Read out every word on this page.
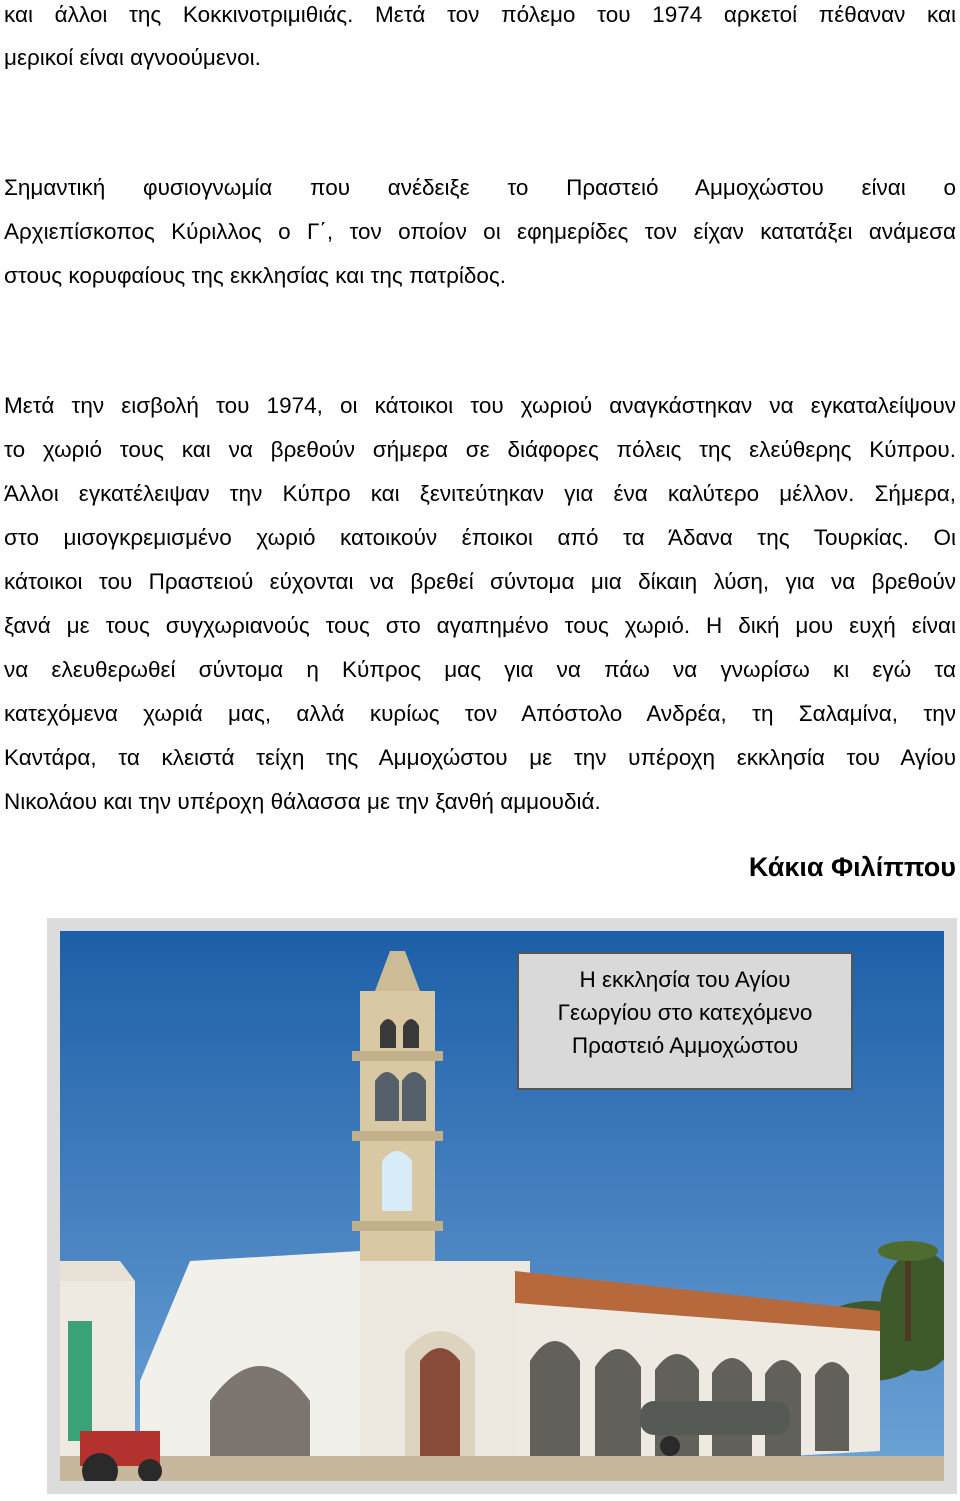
και άλλοι της Κοκκινοτριμιθιάς. Μετά τον πόλεμο του 1974 αρκετοί πέθαναν και
μερικοί είναι αγνοούμενοι.
Σημαντική φυσιογνωμία που ανέδειξε το Πραστειό Αμμοχώστου είναι ο
Αρχιεπίσκοπος Κύριλλος ο Γ΄, τον οποίον οι εφημερίδες τον είχαν κατατάξει ανάμεσα
στους κορυφαίους της εκκλησίας και της πατρίδος.
Μετά την εισβολή του 1974, οι κάτοικοι του χωριού αναγκάστηκαν να εγκαταλείψουν
το χωριό τους και να βρεθούν σήμερα σε διάφορες πόλεις της ελεύθερης Κύπρου.
Άλλοι εγκατέλειψαν την Κύπρο και ξενιτεύτηκαν για ένα καλύτερο μέλλον. Σήμερα,
στο μισογκρεμισμένο χωριό κατοικούν έποικοι από τα Άδανα της Τουρκίας. Οι
κάτοικοι του Πραστειού εύχονται να βρεθεί σύντομα μια δίκαιη λύση, για να βρεθούν
ξανά με τους συγχωριανούς τους στο αγαπημένο τους χωριό. Η δική μου ευχή είναι
να ελευθερωθεί σύντομα η Κύπρος μας για να πάω να γνωρίσω κι εγώ τα
κατεχόμενα χωριά μας, αλλά κυρίως τον Απόστολο Ανδρέα, τη Σαλαμίνα, την
Καντάρα, τα κλειστά τείχη της Αμμοχώστου με την υπέροχη εκκλησία του Αγίου
Νικολάου και την υπέροχη θάλασσα με την ξανθή αμμουδιά.
Κάκια Φιλίππου
Η εκκλησία του Αγίου
Γεωργίου στο κατεχόμενο
Πραστειό Αμμοχώστου
